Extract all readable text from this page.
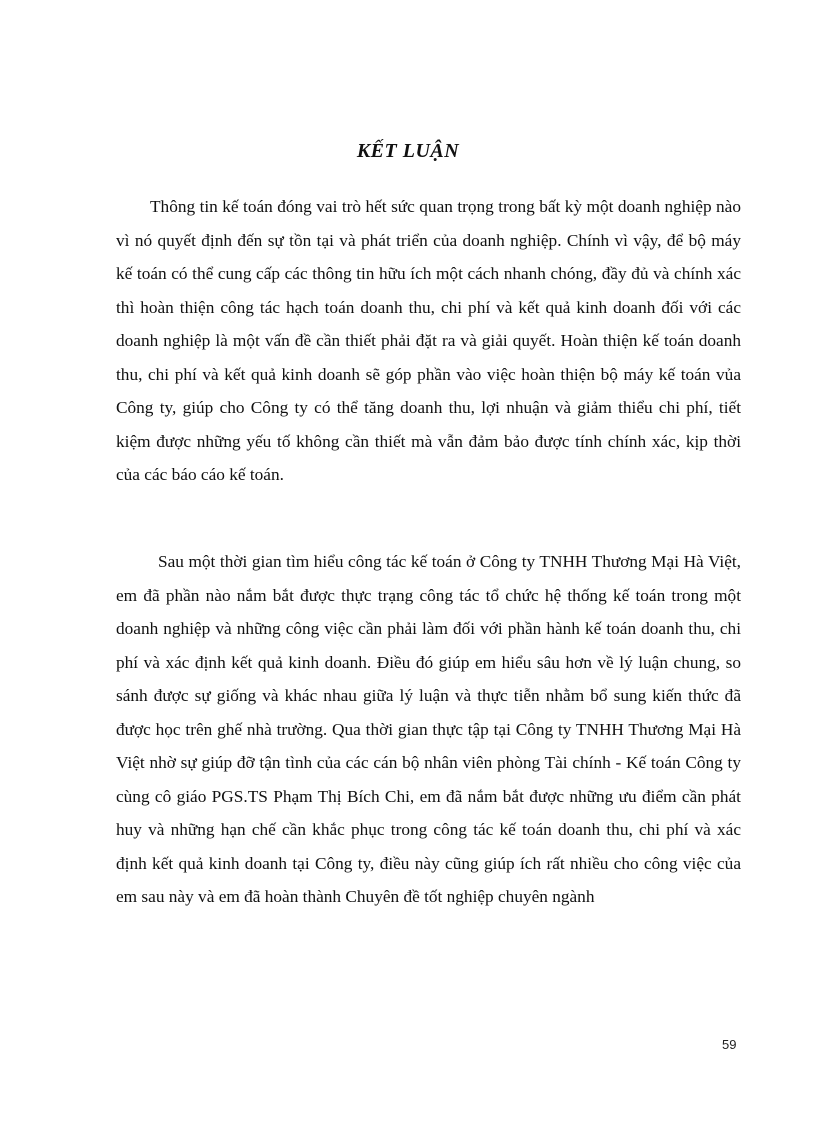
KẾT LUẬN

Thông tin kế toán đóng vai trò hết sức quan trọng trong bất kỳ một doanh nghiệp nào vì nó quyết định đến sự tồn tại và phát triển của doanh nghiệp. Chính vì vậy, để bộ máy kế toán có thể cung cấp các thông tin hữu ích một cách nhanh chóng, đầy đủ và chính xác thì hoàn thiện công tác hạch toán doanh thu, chi phí và kết quả kinh doanh đối với các doanh nghiệp là một vấn đề cần thiết phải đặt ra và giải quyết. Hoàn thiện kế toán doanh thu, chi phí và kết quả kinh doanh sẽ góp phần vào việc hoàn thiện bộ máy kế toán vủa Công ty, giúp cho Công ty có thể tăng doanh thu, lợi nhuận và giảm thiểu chi phí, tiết kiệm được những yếu tố không cần thiết mà vẫn đảm bảo được tính chính xác, kịp thời của các báo cáo kế toán.

Sau một thời gian tìm hiểu công tác kế toán ở Công ty TNHH Thương Mại Hà Việt, em đã phần nào nắm bắt được thực trạng công tác tổ chức hệ thống kế toán trong một doanh nghiệp và những công việc cần phải làm đối với phần hành kế toán doanh thu, chi phí và xác định kết quả kinh doanh. Điều đó giúp em hiểu sâu hơn về lý luận chung, so sánh được sự giống và khác nhau giữa lý luận và thực tiễn nhằm bổ sung kiến thức đã được học trên ghế nhà trường. Qua thời gian thực tập tại Công ty TNHH Thương Mại Hà Việt nhờ sự giúp đỡ tận tình của các cán bộ nhân viên phòng Tài chính - Kế toán Công ty cùng cô giáo PGS.TS Phạm Thị Bích Chi, em đã nắm bắt được những ưu điểm cần phát huy và những hạn chế cần khắc phục trong công tác kế toán doanh thu, chi phí và xác định kết quả kinh doanh tại Công ty, điều này cũng giúp ích rất nhiều cho công việc của em sau này và em đã hoàn thành Chuyên đề tốt nghiệp chuyên ngành

59
